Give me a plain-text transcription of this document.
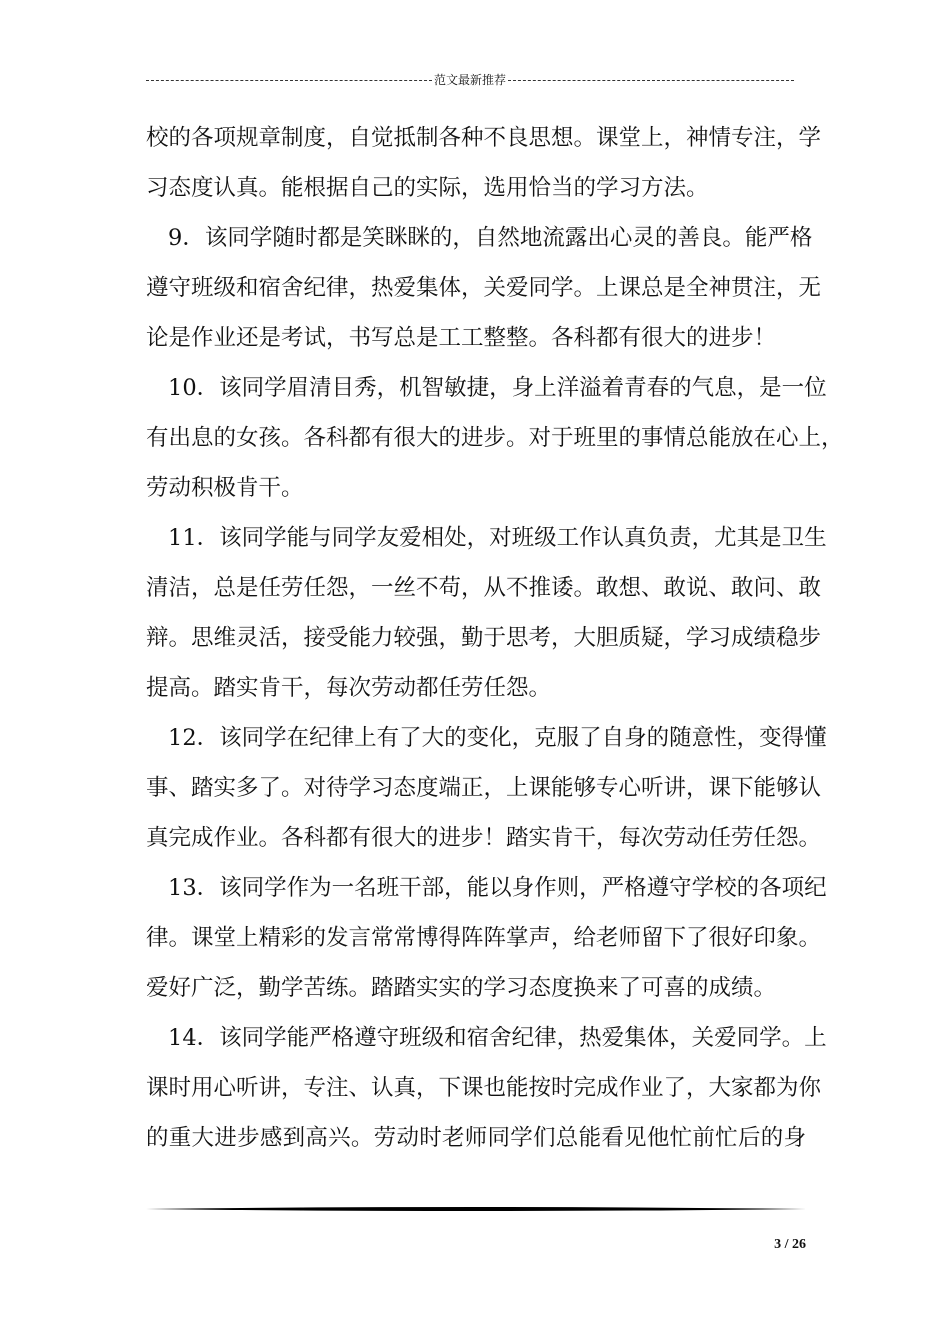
范文最新推荐
校的各项规章制度，自觉抵制各种不良思想。课堂上，神情专注，学
习态度认真。能根据自己的实际，选用恰当的学习方法。
9．该同学随时都是笑眯眯的，自然地流露出心灵的善良。能严格
遵守班级和宿舍纪律，热爱集体，关爱同学。上课总是全神贯注，无
论是作业还是考试，书写总是工工整整。各科都有很大的进步！
10．该同学眉清目秀，机智敏捷，身上洋溢着青春的气息，是一位
有出息的女孩。各科都有很大的进步。对于班里的事情总能放在心上，
劳动积极肯干。
11．该同学能与同学友爱相处，对班级工作认真负责，尤其是卫生
清洁，总是任劳任怨，一丝不苟，从不推诿。敢想、敢说、敢问、敢
辩。思维灵活，接受能力较强，勤于思考，大胆质疑，学习成绩稳步
提高。踏实肯干，每次劳动都任劳任怨。
12．该同学在纪律上有了大的变化，克服了自身的随意性，变得懂
事、踏实多了。对待学习态度端正，上课能够专心听讲，课下能够认
真完成作业。各科都有很大的进步！踏实肯干，每次劳动任劳任怨。
13．该同学作为一名班干部，能以身作则，严格遵守学校的各项纪
律。课堂上精彩的发言常常博得阵阵掌声，给老师留下了很好印象。
爱好广泛，勤学苦练。踏踏实实的学习态度换来了可喜的成绩。
14．该同学能严格遵守班级和宿舍纪律，热爱集体，关爱同学。上
课时用心听讲，专注、认真，下课也能按时完成作业了，大家都为你
的重大进步感到高兴。劳动时老师同学们总能看见他忙前忙后的身
3 / 26
